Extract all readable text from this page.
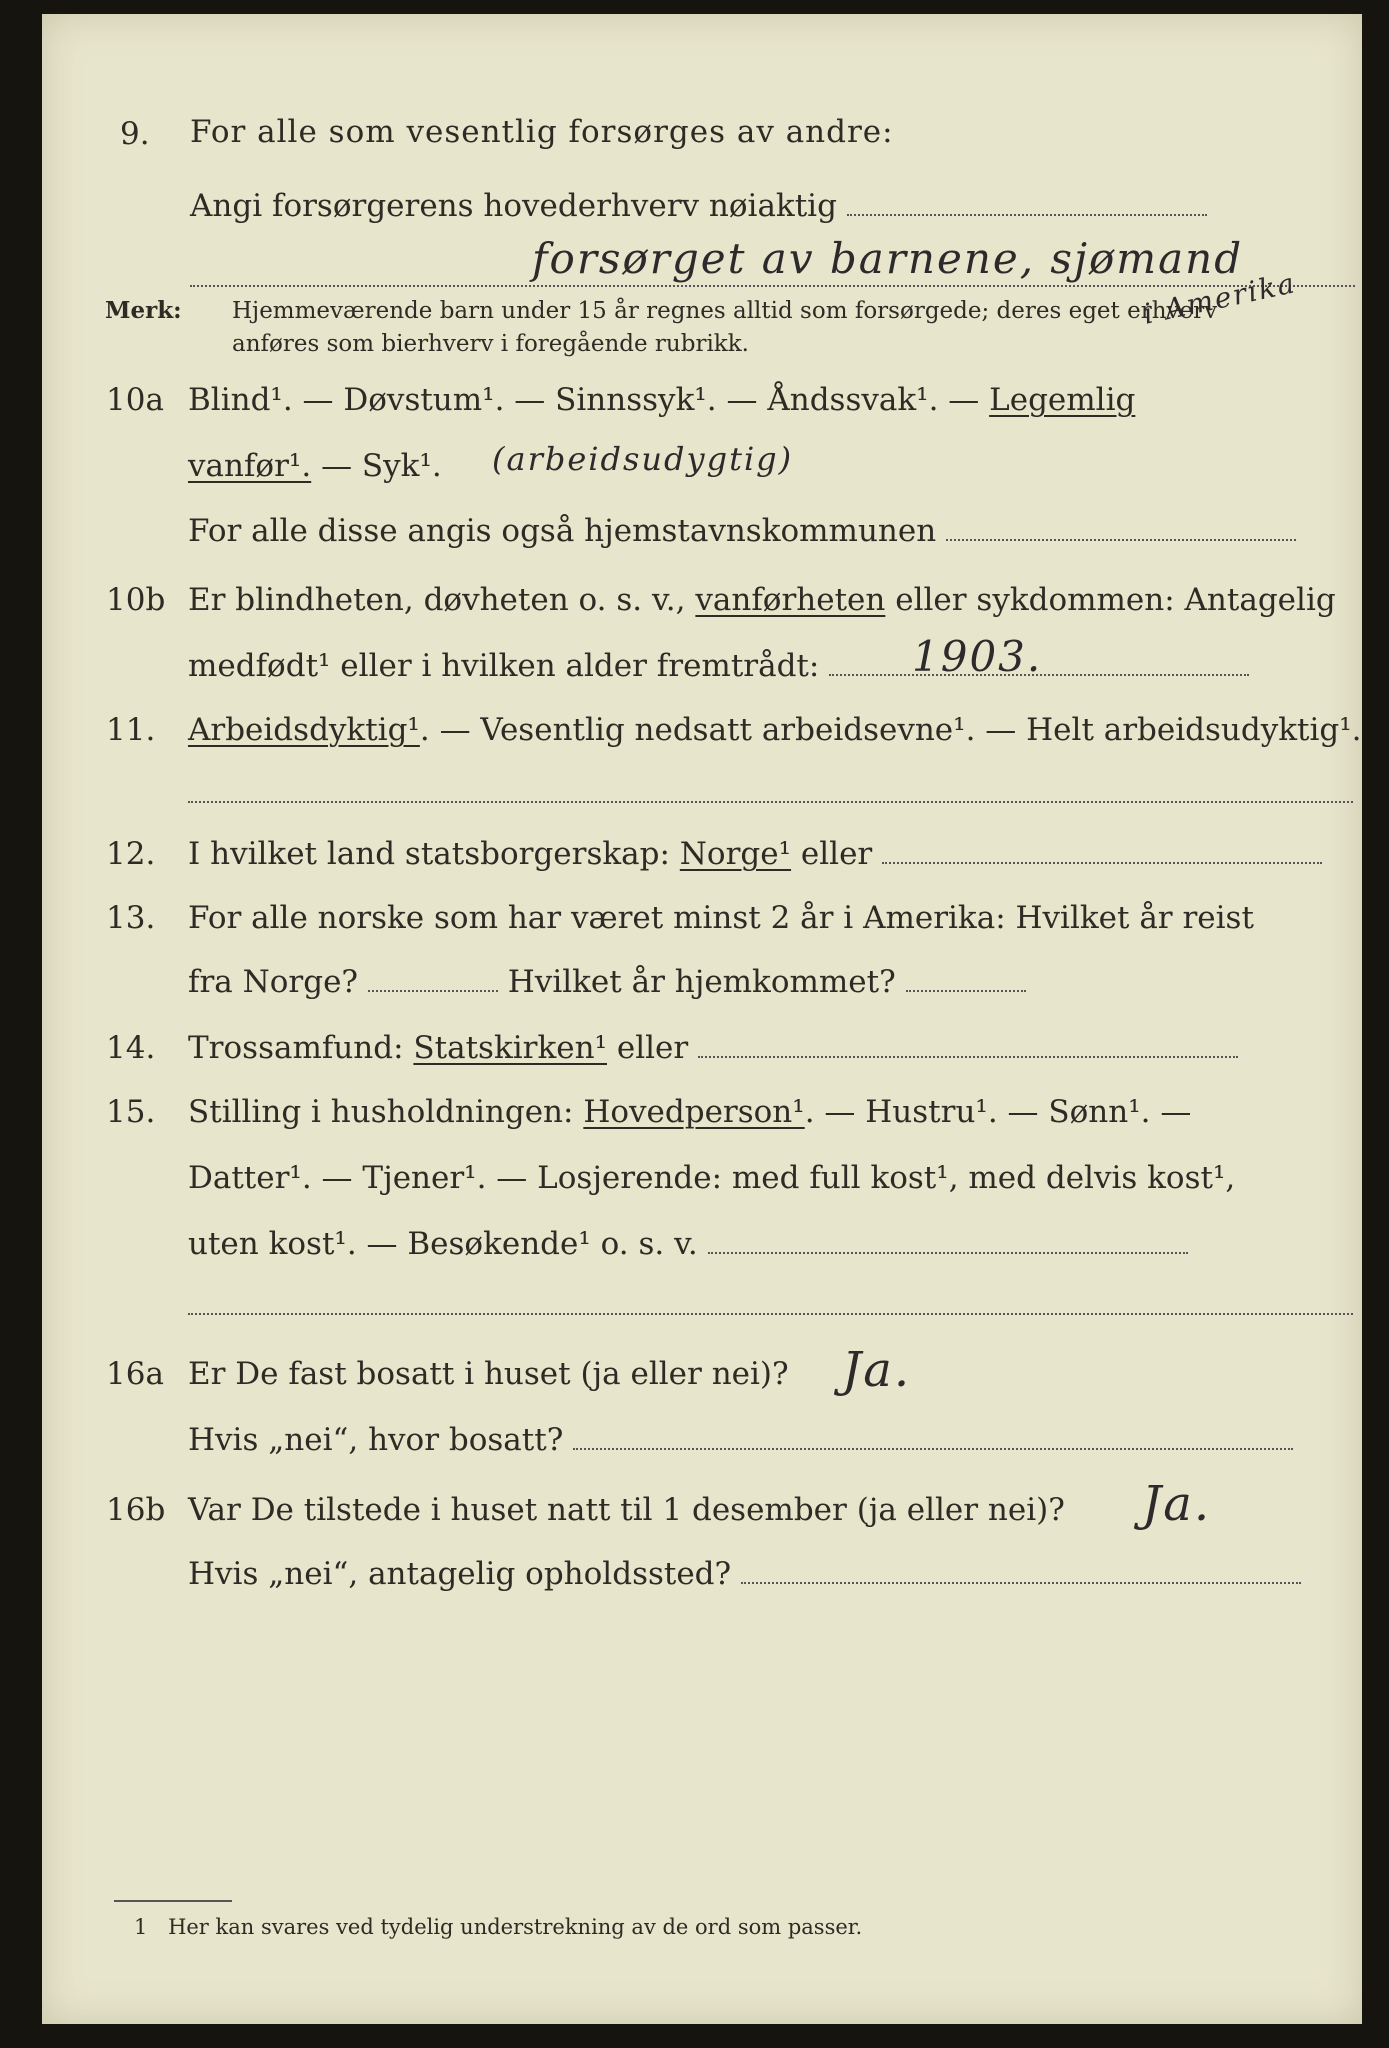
9. For alle som vesentlig forsørges av andre:
Angi forsørgerens hovederhverv nøiaktig
forsørget av barnene, sjømand
i Amerika
Merk: Hjemmeværende barn under 15 år regnes alltid som forsørgede; deres eget erhverv
anføres som bierhverv i foregående rubrikk.
10a Blind¹. — Døvstum¹. — Sinnssyk¹. — Åndssvak¹. — Legemlig
vanfør¹. — Syk¹. (arbeidsudygtig)
For alle disse angis også hjemstavnskommunen
10b Er blindheten, døvheten o. s. v., vanførheten eller sykdommen: Antagelig
medfødt¹ eller i hvilken alder fremtrådt:	1903.
11. Arbeidsdyktig¹. — Vesentlig nedsatt arbeidsevne¹. — Helt arbeidsudyktig¹.
12. I hvilket land statsborgerskap: Norge¹ eller
13. For alle norske som har været minst 2 år i Amerika: Hvilket år reist
fra Norge?	Hvilket år hjemkommet?
14. Trossamfund: Statskirken¹ eller
15. Stilling i husholdningen: Hovedperson¹. — Hustru¹. — Sønn¹. —
Datter¹. — Tjener¹. — Losjerende: med full kost¹, med delvis kost¹,
uten kost¹. — Besøkende¹ o. s. v.
16a Er De fast bosatt i huset (ja eller nei)? Ja.
Hvis „nei“, hvor bosatt?
16b Var De tilstede i huset natt til 1 desember (ja eller nei)? Ja.
Hvis „nei“, antagelig opholdssted?
1 Her kan svares ved tydelig understrekning av de ord som passer.
